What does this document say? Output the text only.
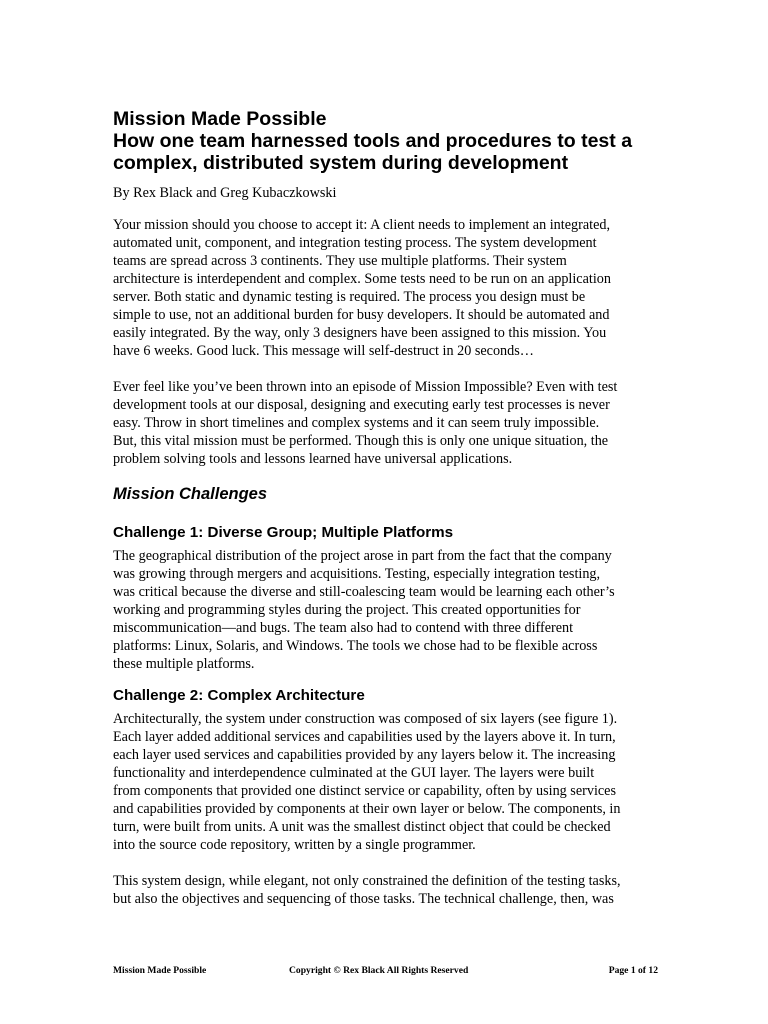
Mission Made Possible
How one team harnessed tools and procedures to test a
complex, distributed system during development
By Rex Black and Greg Kubaczkowski
Your mission should you choose to accept it: A client needs to implement an integrated,
automated unit, component, and integration testing process. The system development
teams are spread across 3 continents. They use multiple platforms. Their system
architecture is interdependent and complex. Some tests need to be run on an application
server. Both static and dynamic testing is required. The process you design must be
simple to use, not an additional burden for busy developers. It should be automated and
easily integrated. By the way, only 3 designers have been assigned to this mission. You
have 6 weeks. Good luck. This message will self-destruct in 20 seconds…
Ever feel like you’ve been thrown into an episode of Mission Impossible? Even with test
development tools at our disposal, designing and executing early test processes is never
easy. Throw in short timelines and complex systems and it can seem truly impossible.
But, this vital mission must be performed. Though this is only one unique situation, the
problem solving tools and lessons learned have universal applications.
Mission Challenges
Challenge 1: Diverse Group; Multiple Platforms
The geographical distribution of the project arose in part from the fact that the company
was growing through mergers and acquisitions. Testing, especially integration testing,
was critical because the diverse and still-coalescing team would be learning each other’s
working and programming styles during the project. This created opportunities for
miscommunication—and bugs. The team also had to contend with three different
platforms: Linux, Solaris, and Windows. The tools we chose had to be flexible across
these multiple platforms.
Challenge 2: Complex Architecture
Architecturally, the system under construction was composed of six layers (see figure 1).
Each layer added additional services and capabilities used by the layers above it. In turn,
each layer used services and capabilities provided by any layers below it. The increasing
functionality and interdependence culminated at the GUI layer. The layers were built
from components that provided one distinct service or capability, often by using services
and capabilities provided by components at their own layer or below. The components, in
turn, were built from units. A unit was the smallest distinct object that could be checked
into the source code repository, written by a single programmer.
This system design, while elegant, not only constrained the definition of the testing tasks,
but also the objectives and sequencing of those tasks. The technical challenge, then, was
Mission Made Possible	Copyright © Rex Black All Rights Reserved	Page 1 of 12
